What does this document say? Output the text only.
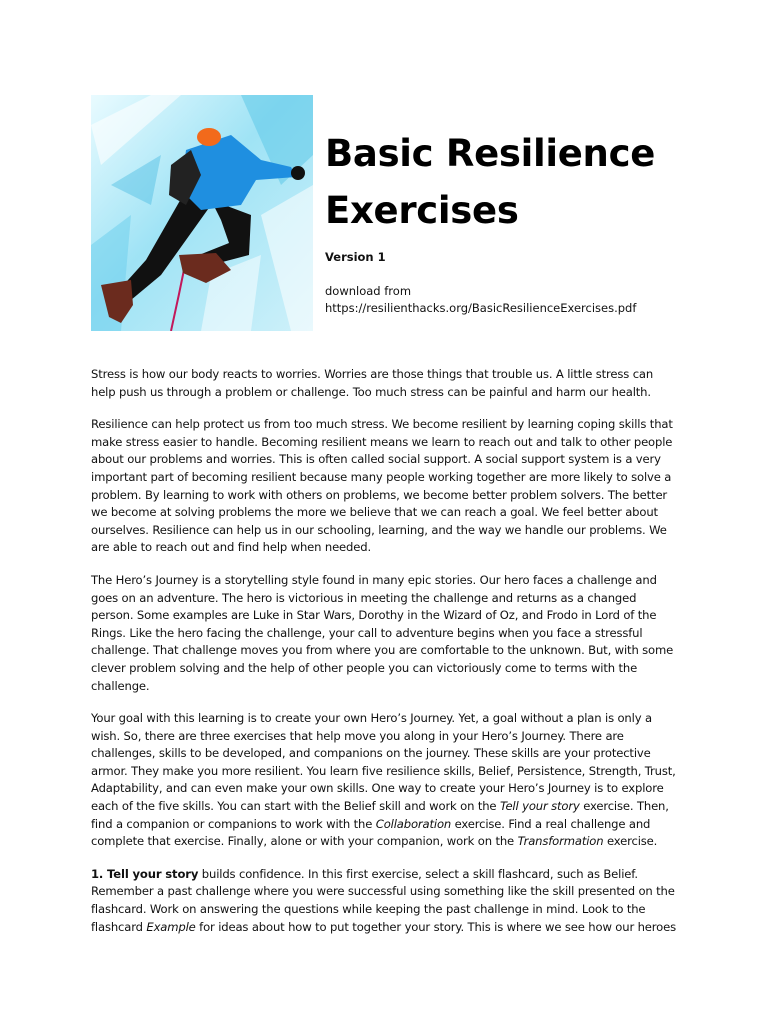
Basic Resilience Exercises

Version 1

download from
https://resilienthacks.org/BasicResilienceExercises.pdf

Stress is how our body reacts to worries. Worries are those things that trouble us. A little stress can help push us through a problem or challenge. Too much stress can be painful and harm our health.

Resilience can help protect us from too much stress. We become resilient by learning coping skills that make stress easier to handle. Becoming resilient means we learn to reach out and talk to other people about our problems and worries. This is often called social support. A social support system is a very important part of becoming resilient because many people working together are more likely to solve a problem. By learning to work with others on problems, we become better problem solvers. The better we become at solving problems the more we believe that we can reach a goal. We feel better about ourselves. Resilience can help us in our schooling, learning, and the way we handle our problems. We are able to reach out and find help when needed.

The Hero’s Journey is a storytelling style found in many epic stories. Our hero faces a challenge and goes on an adventure. The hero is victorious in meeting the challenge and returns as a changed person. Some examples are Luke in Star Wars, Dorothy in the Wizard of Oz, and Frodo in Lord of the Rings. Like the hero facing the challenge, your call to adventure begins when you face a stressful challenge. That challenge moves you from where you are comfortable to the unknown. But, with some clever problem solving and the help of other people you can victoriously come to terms with the challenge.

Your goal with this learning is to create your own Hero’s Journey. Yet, a goal without a plan is only a wish. So, there are three exercises that help move you along in your Hero’s Journey. There are challenges, skills to be developed, and companions on the journey. These skills are your protective armor. They make you more resilient. You learn five resilience skills, Belief, Persistence, Strength, Trust, Adaptability, and can even make your own skills. One way to create your Hero’s Journey is to explore each of the five skills. You can start with the Belief skill and work on the Tell your story exercise. Then, find a companion or companions to work with the Collaboration exercise. Find a real challenge and complete that exercise. Finally, alone or with your companion, work on the Transformation exercise.

1. Tell your story builds confidence. In this first exercise, select a skill flashcard, such as Belief. Remember a past challenge where you were successful using something like the skill presented on the flashcard. Work on answering the questions while keeping the past challenge in mind. Look to the flashcard Example for ideas about how to put together your story. This is where we see how our heroes
